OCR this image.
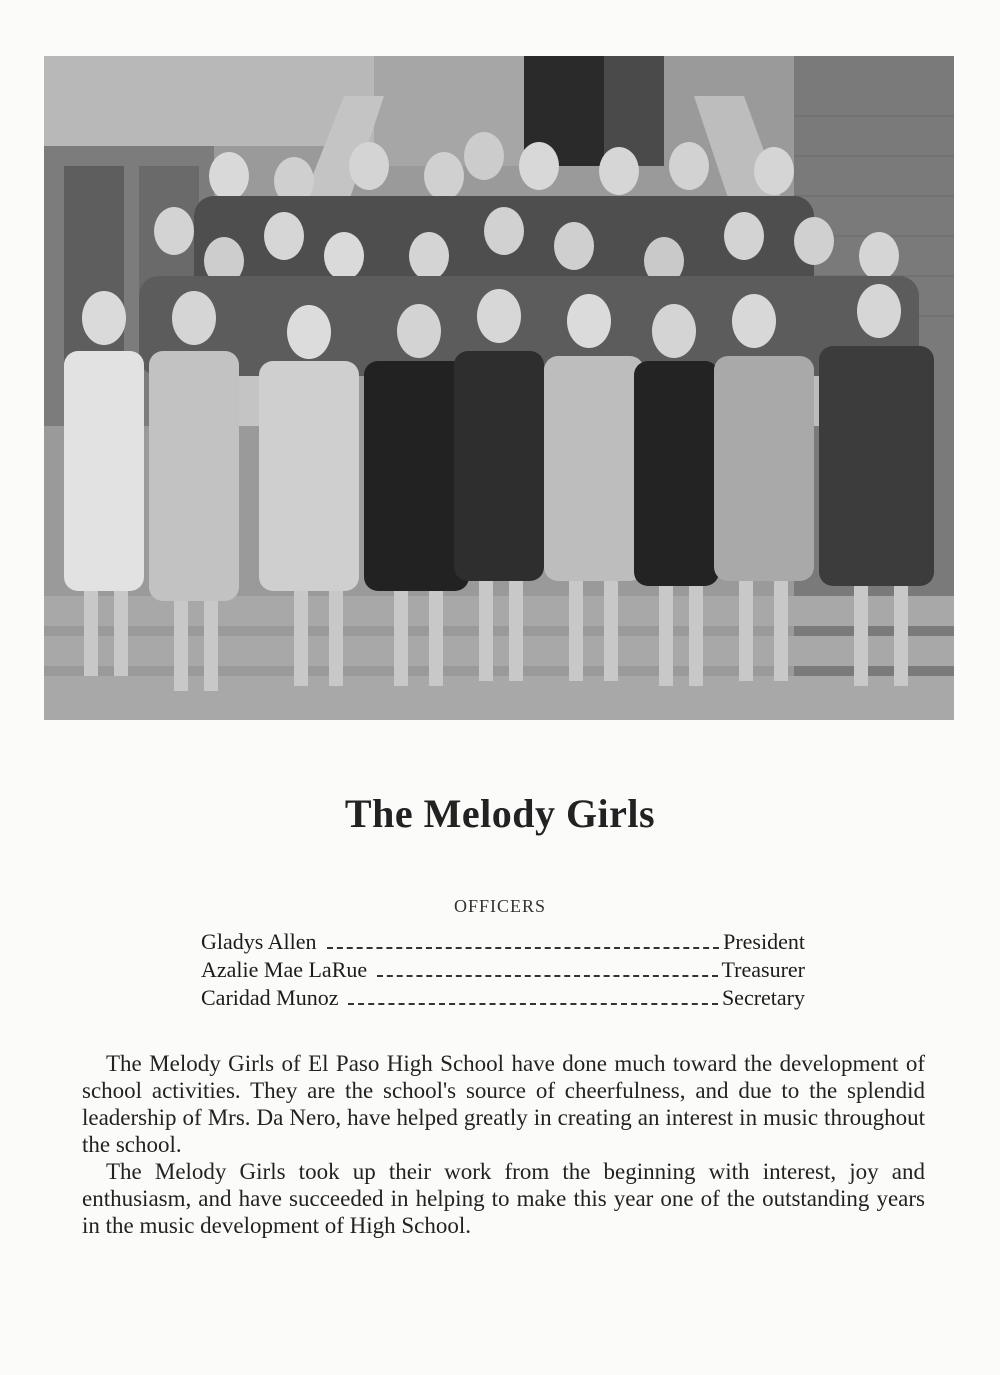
The Melody Girls
OFFICERS
Gladys Allen	President
Azalie Mae LaRue	Treasurer
Caridad Munoz	Secretary

The Melody Girls of El Paso High School have done much toward the development of school activities. They are the school's source of cheerfulness, and due to the splendid leadership of Mrs. Da Nero, have helped greatly in creating an interest in music throughout the school.

The Melody Girls took up their work from the beginning with interest, joy and enthusiasm, and have succeeded in helping to make this year one of the outstanding years in the music development of High School.
